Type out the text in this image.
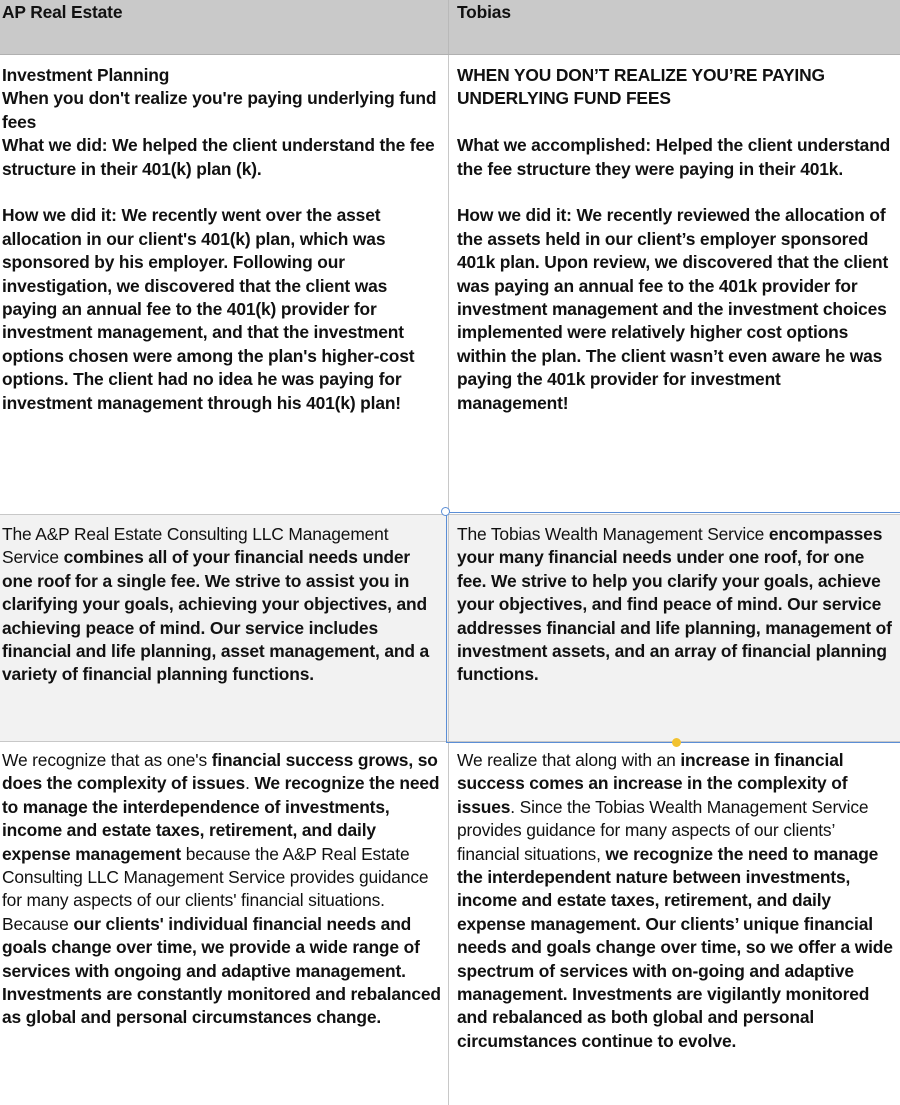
AP Real Estate	Tobias
Investment Planning
When you don't realize you're paying underlying fund fees
What we did: We helped the client understand the fee structure in their 401(k) plan (k).
How we did it: We recently went over the asset allocation in our client's 401(k) plan, which was sponsored by his employer. Following our investigation, we discovered that the client was paying an annual fee to the 401(k) provider for investment management, and that the investment options chosen were among the plan's higher-cost options. The client had no idea he was paying for investment management through his 401(k) plan!
WHEN YOU DON’T REALIZE YOU’RE PAYING UNDERLYING FUND FEES
What we accomplished: Helped the client understand the fee structure they were paying in their 401k.
How we did it: We recently reviewed the allocation of the assets held in our client’s employer sponsored 401k plan. Upon review, we discovered that the client was paying an annual fee to the 401k provider for investment management and the investment choices implemented were relatively higher cost options within the plan. The client wasn’t even aware he was paying the 401k provider for investment management!
The A&P Real Estate Consulting LLC Management Service combines all of your financial needs under one roof for a single fee. We strive to assist you in clarifying your goals, achieving your objectives, and achieving peace of mind. Our service includes financial and life planning, asset management, and a variety of financial planning functions.
The Tobias Wealth Management Service encompasses your many financial needs under one roof, for one fee. We strive to help you clarify your goals, achieve your objectives, and find peace of mind. Our service addresses financial and life planning, management of investment assets, and an array of financial planning functions.
We recognize that as one's financial success grows, so does the complexity of issues. We recognize the need to manage the interdependence of investments, income and estate taxes, retirement, and daily expense management because the A&P Real Estate Consulting LLC Management Service provides guidance for many aspects of our clients' financial situations. Because our clients' individual financial needs and goals change over time, we provide a wide range of services with ongoing and adaptive management. Investments are constantly monitored and rebalanced as global and personal circumstances change.
We realize that along with an increase in financial success comes an increase in the complexity of issues. Since the Tobias Wealth Management Service provides guidance for many aspects of our clients’ financial situations, we recognize the need to manage the interdependent nature between investments, income and estate taxes, retirement, and daily expense management. Our clients’ unique financial needs and goals change over time, so we offer a wide spectrum of services with on-going and adaptive management. Investments are vigilantly monitored and rebalanced as both global and personal circumstances continue to evolve.
